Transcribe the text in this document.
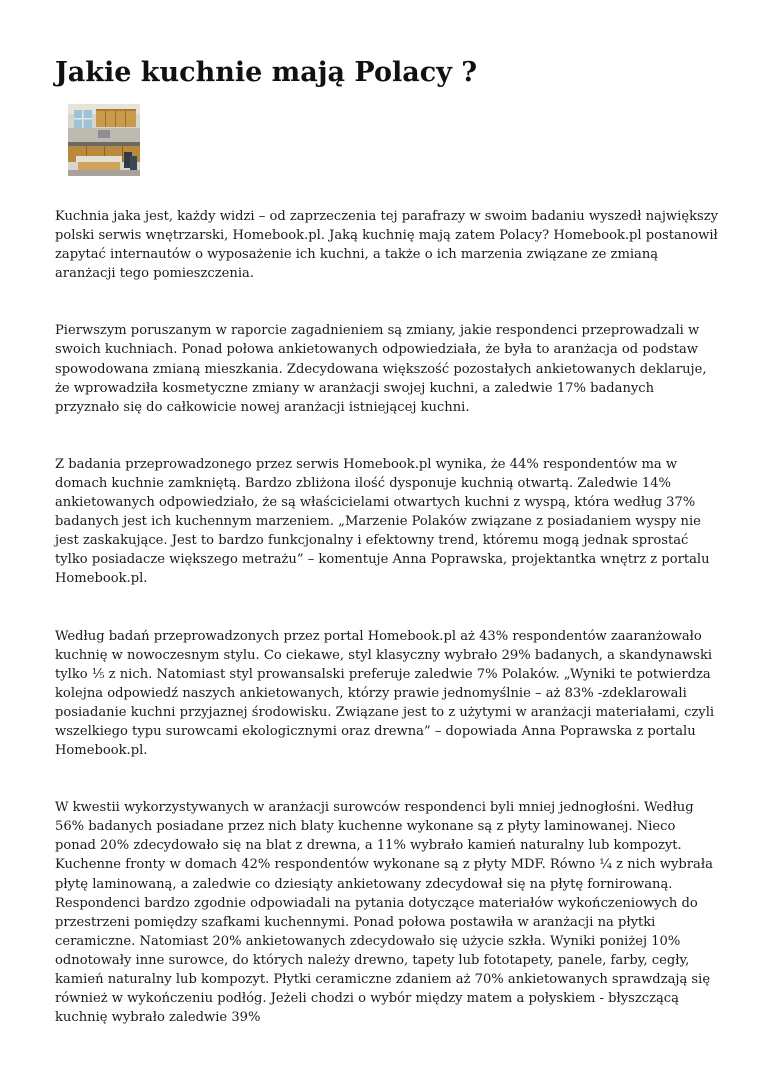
Jakie kuchnie mają Polacy ?

Kuchnia jaka jest, każdy widzi – od zaprzeczenia tej parafrazy w swoim badaniu wyszedł największy polski serwis wnętrzarski, Homebook.pl. Jaką kuchnię mają zatem Polacy? Homebook.pl postanowił zapytać internautów o wyposażenie ich kuchni, a także o ich marzenia związane ze zmianą aranżacji tego pomieszczenia.

Pierwszym poruszanym w raporcie zagadnieniem są zmiany, jakie respondenci przeprowadzali w swoich kuchniach. Ponad połowa ankietowanych odpowiedziała, że była to aranżacja od podstaw spowodowana zmianą mieszkania. Zdecydowana większość pozostałych ankietowanych deklaruje, że wprowadziła kosmetyczne zmiany w aranżacji swojej kuchni, a zaledwie 17% badanych przyznało się do całkowicie nowej aranżacji istniejącej kuchni.

Z badania przeprowadzonego przez serwis Homebook.pl wynika, że 44% respondentów ma w domach kuchnie zamkniętą. Bardzo zbliżona ilość dysponuje kuchnią otwartą. Zaledwie 14% ankietowanych odpowiedziało, że są właścicielami otwartych kuchni z wyspą, która według 37% badanych jest ich kuchennym marzeniem. „Marzenie Polaków związane z posiadaniem wyspy nie jest zaskakujące. Jest to bardzo funkcjonalny i efektowny trend, któremu mogą jednak sprostać tylko posiadacze większego metrażu” – komentuje Anna Poprawska, projektantka wnętrz z portalu Homebook.pl.

Według badań przeprowadzonych przez portal Homebook.pl aż 43% respondentów zaaranżowało kuchnię w nowoczesnym stylu. Co ciekawe, styl klasyczny wybrało 29% badanych, a skandynawski tylko ⅕ z nich. Natomiast styl prowansalski preferuje zaledwie 7% Polaków. „Wyniki te potwierdza kolejna odpowiedź naszych ankietowanych, którzy prawie jednomyślnie – aż 83% -zdeklarowali posiadanie kuchni przyjaznej środowisku. Związane jest to z użytymi w aranżacji materiałami, czyli wszelkiego typu surowcami ekologicznymi oraz drewna” – dopowiada Anna Poprawska z portalu Homebook.pl.

W kwestii wykorzystywanych w aranżacji surowców respondenci byli mniej jednogłośni. Według 56% badanych posiadane przez nich blaty kuchenne wykonane są z płyty laminowanej. Nieco ponad 20% zdecydowało się na blat z drewna, a 11% wybrało kamień naturalny lub kompozyt. Kuchenne fronty w domach 42% respondentów wykonane są z płyty MDF. Równo ¼ z nich wybrała płytę laminowaną, a zaledwie co dziesiąty ankietowany zdecydował się na płytę fornirowaną. Respondenci bardzo zgodnie odpowiadali na pytania dotyczące materiałów wykończeniowych do przestrzeni pomiędzy szafkami kuchennymi. Ponad połowa postawiła w aranżacji na płytki ceramiczne. Natomiast 20% ankietowanych zdecydowało się użycie szkła. Wyniki poniżej 10% odnotowały inne surowce, do których należy drewno, tapety lub fototapety, panele, farby, cegły, kamień naturalny lub kompozyt. Płytki ceramiczne zdaniem aż 70% ankietowanych sprawdzają się również w wykończeniu podłóg. Jeżeli chodzi o wybór między matem a połyskiem - błyszczącą kuchnię wybrało zaledwie 39%
